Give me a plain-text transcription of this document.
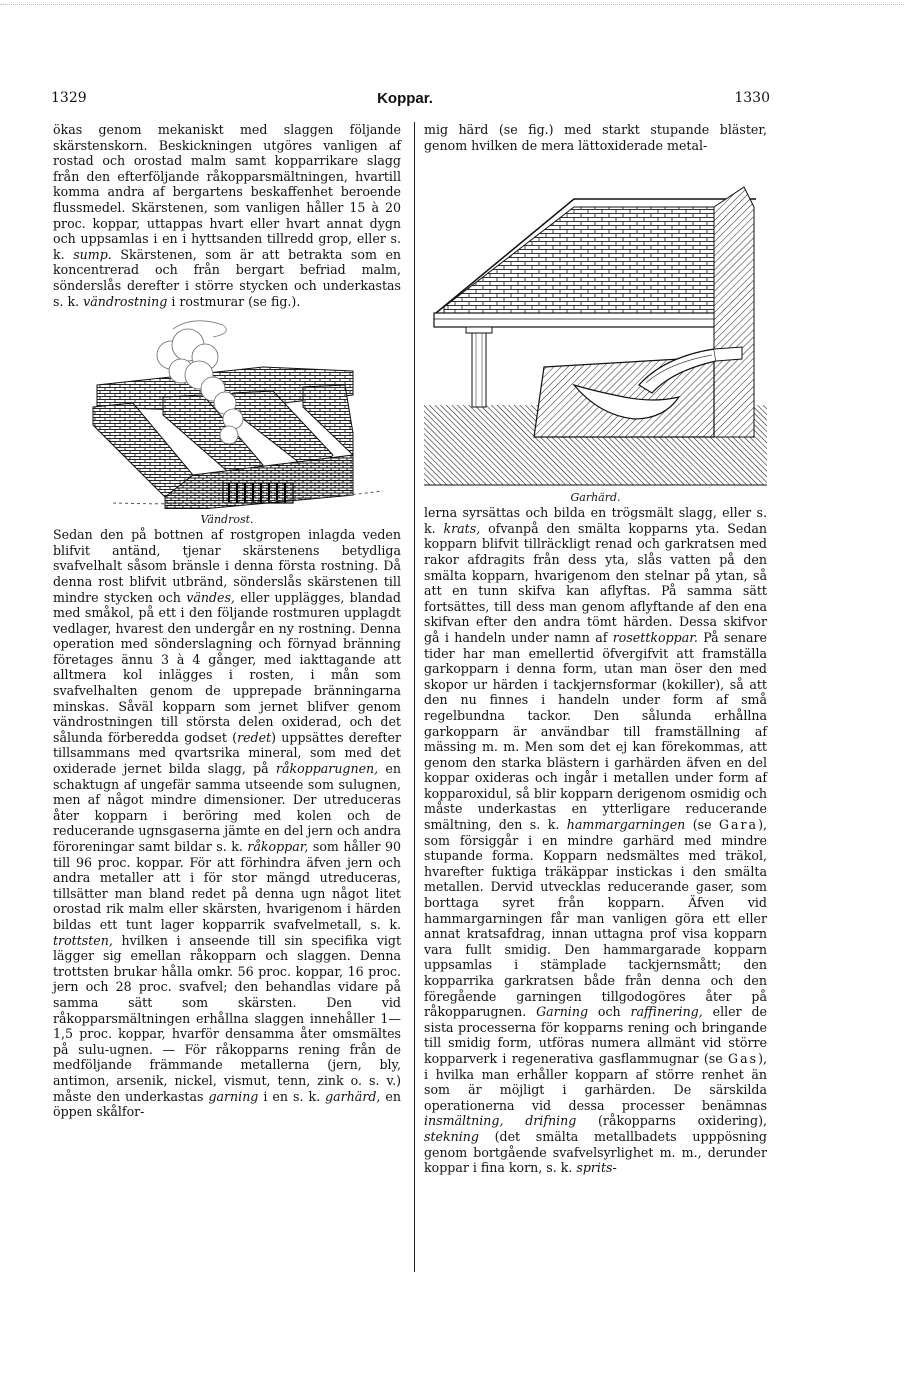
1329	Koppar.	1330

ökas genom mekaniskt med slaggen följande skärstenskorn. Beskickningen utgöres vanligen af rostad och orostad malm samt kopparrikare slagg från den efterföljande råkopparsmältningen, hvartill komma andra af bergartens beskaffenhet beroende flussmedel. Skärstenen, som vanligen håller 15 à 20 proc. koppar, uttappas hvart eller hvart annat dygn och uppsamlas i en i hyttsanden tillredd grop, eller s. k. sump. Skärstenen, som är att betrakta som en koncentrerad och från bergart befriad malm, sönderslås derefter i större stycken och underkastas s. k. vändrostning i rostmurar (se fig.).

Vändrost.

Sedan den på bottnen af rostgropen inlagda veden blifvit antänd, tjenar skärstenens betydliga svafvelhalt såsom bränsle i denna första rostning. Då denna rost blifvit utbränd, sönderslås skärstenen till mindre stycken och vändes, eller upplägges, blandad med småkol, på ett i den följande rostmuren upplagdt vedlager, hvarest den undergår en ny rostning. Denna operation med sönderslagning och förnyad bränning företages ännu 3 à 4 gånger, med iakttagande att alltmera kol inlägges i rosten, i mån som svafvelhalten genom de upprepade bränningarna minskas. Såväl kopparn som jernet blifver genom vändrostningen till största delen oxiderad, och det sålunda förberedda godset (redet) uppsättes derefter tillsammans med qvartsrika mineral, som med det oxiderade jernet bilda slagg, på råkopparugnen, en schaktugn af ungefär samma utseende som sulugnen, men af något mindre dimensioner. Der utreduceras åter kopparn i beröring med kolen och de reducerande ugnsgaserna jämte en del jern och andra föroreningar samt bildar s. k. råkoppar, som håller 90 till 96 proc. koppar. För att förhindra äfven jern och andra metaller att i för stor mängd utreduceras, tillsätter man bland redet på denna ugn något litet orostad rik malm eller skärsten, hvarigenom i härden bildas ett tunt lager kopparrik svafvelmetall, s. k. trottsten, hvilken i anseende till sin specifika vigt lägger sig emellan råkopparn och slaggen. Denna trottsten brukar hålla omkr. 56 proc. koppar, 16 proc. jern och 28 proc. svafvel; den behandlas vidare på samma sätt som skärsten. Den vid råkopparsmältningen erhållna slaggen innehåller 1—1,5 proc. koppar, hvarför densamma åter omsmältes på sulu-ugnen. — För råkopparns rening från de medföljande främmande metallerna (jern, bly, antimon, arsenik, nickel, vismut, tenn, zink o. s. v.) måste den underkastas garning i en s. k. garhärd, en öppen skålfor-

mig härd (se fig.) med starkt stupande bläster, genom hvilken de mera lättoxiderade metal-

Garhärd.

lerna syrsättas och bilda en trögsmält slagg, eller s. k. krats, ofvanpå den smälta kopparns yta. Sedan kopparn blifvit tillräckligt renad och garkratsen med rakor afdragits från dess yta, slås vatten på den smälta kopparn, hvarigenom den stelnar på ytan, så att en tunn skifva kan aflyftas. På samma sätt fortsättes, till dess man genom aflyftande af den ena skifvan efter den andra tömt härden. Dessa skifvor gå i handeln under namn af rosettkoppar. På senare tider har man emellertid öfvergifvit att framställa garkopparn i denna form, utan man öser den med skopor ur härden i tackjernsformar (kokiller), så att den nu finnes i handeln under form af små regelbundna tackor. Den sålunda erhållna garkopparn är användbar till framställning af mässing m. m. Men som det ej kan förekommas, att genom den starka blästern i garhärden äfven en del koppar oxideras och ingår i metallen under form af kopparoxidul, så blir kopparn derigenom osmidig och måste underkastas en ytterligare reducerande smältning, den s. k. hammargarningen (se Gara), som försiggår i en mindre garhärd med mindre stupande forma. Kopparn nedsmältes med träkol, hvarefter fuktiga träkäppar instickas i den smälta metallen. Dervid utvecklas reducerande gaser, som borttaga syret från kopparn. Äfven vid hammargarningen får man vanligen göra ett eller annat kratsafdrag, innan uttagna prof visa kopparn vara fullt smidig. Den hammargarade kopparn uppsamlas i stämplade tackjernsmått; den kopparrika garkratsen både från denna och den föregående garningen tillgodogöres åter på råkopparugnen. Garning och raffinering, eller de sista processerna för kopparns rening och bringande till smidig form, utföras numera allmänt vid större kopparverk i regenerativa gasflammugnar (se Gas), i hvilka man erhåller kopparn af större renhet än som är möjligt i garhärden. De särskilda operationerna vid dessa processer benämnas insmältning, drifning (råkopparns oxidering), stekning (det smälta metallbadets upppösning genom bortgående svafvelsyrlighet m. m., derunder koppar i fina korn, s. k. sprits-
